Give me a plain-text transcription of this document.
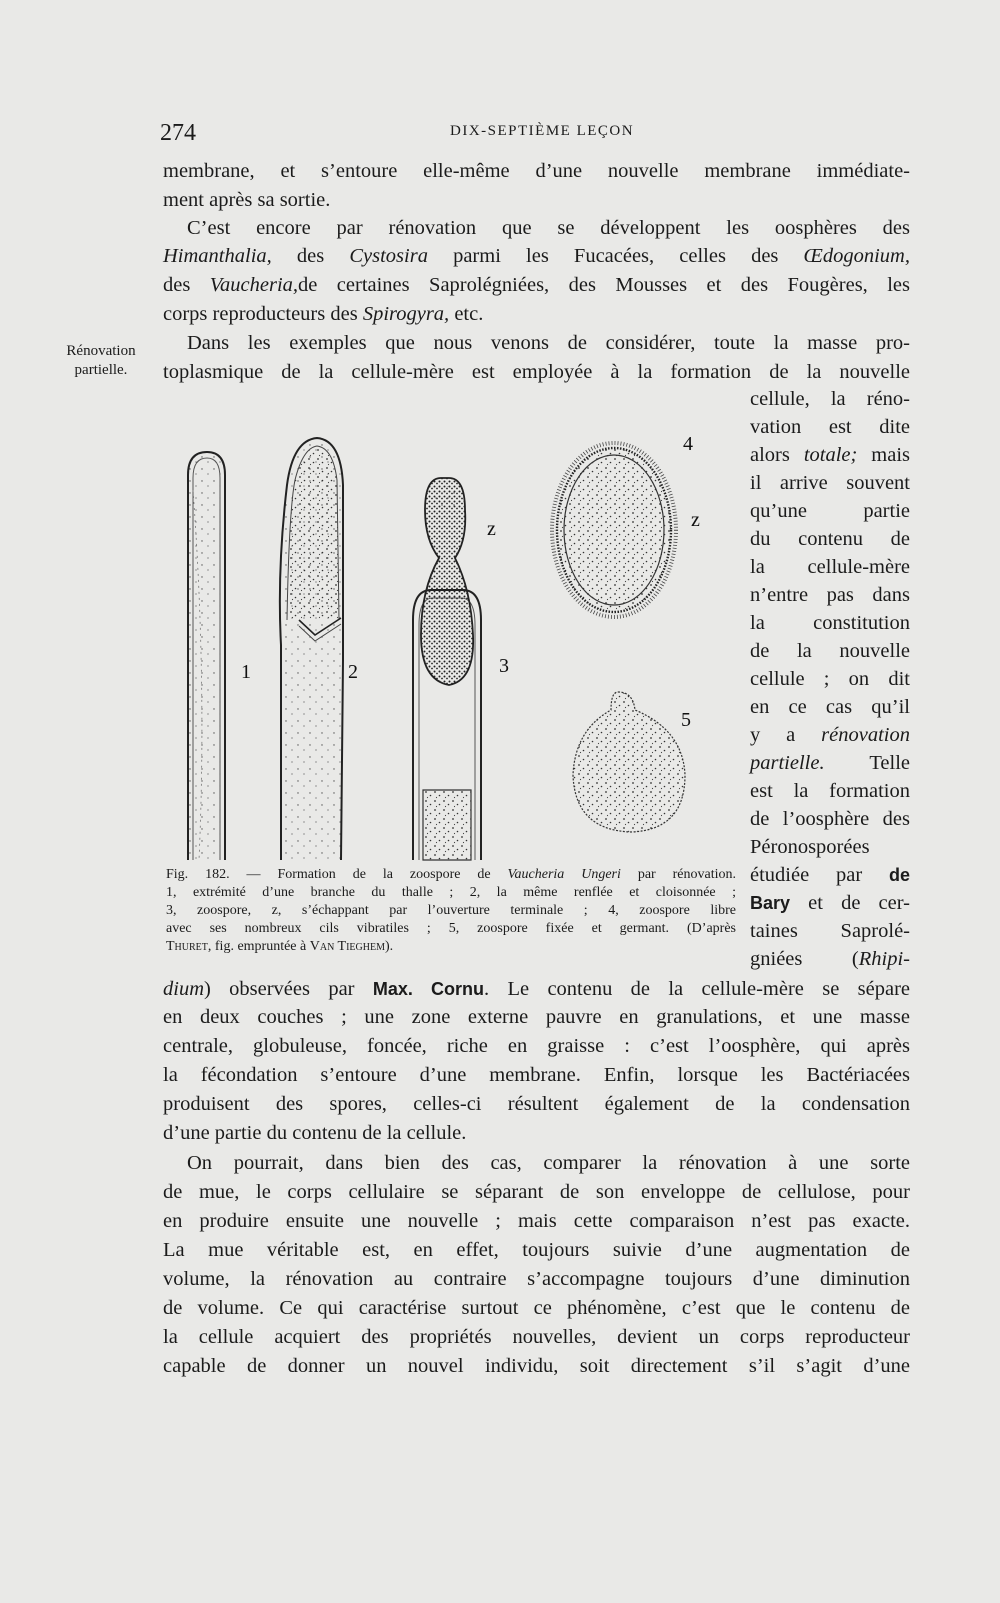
274	DIX-SEPTIÈME LEÇON
Rénovation
partielle.
membrane, et s’entoure elle-même d’une nouvelle membrane immédiate-
ment après sa sortie.
C’est encore par rénovation que se développent les oosphères des
Himanthalia, des Cystosira parmi les Fucacées, celles des Œdogonium,
des Vaucheria,de certaines Saprolégniées, des Mousses et des Fougères, les
corps reproducteurs des Spirogyra, etc.
Dans les exemples que nous venons de considérer, toute la masse pro-
toplasmique de la cellule-mère est employée à la formation de la nouvelle
cellule, la réno-
vation est dite
alors totale; mais
il arrive souvent
qu’une partie
du contenu de
la cellule-mère
n’entre pas dans
la constitution
de la nouvelle
cellule ; on dit
en ce cas qu’il
y a rénovation
partielle. Telle
est la formation
de l’oosphère des
Péronosporées
étudiée par de
Bary et de cer-
taines Saprolé-
gniées (Rhipi-
1	2	3
4
5
z	z
Fig. 182. — Formation de la zoospore de Vaucheria Ungeri par rénovation.
1, extrémité d’une branche du thalle ; 2, la même renflée et cloisonnée ;
3, zoospore, z, s’échappant par l’ouverture terminale ; 4, zoospore libre
avec ses nombreux cils vibratiles ; 5, zoospore fixée et germant. (D’après
Thuret, fig. empruntée à Van Tieghem).
dium) observées par Max. Cornu. Le contenu de la cellule-mère se sépare
en deux couches ; une zone externe pauvre en granulations, et une masse
centrale, globuleuse, foncée, riche en graisse : c’est l’oosphère, qui après
la fécondation s’entoure d’une membrane. Enfin, lorsque les Bactériacées
produisent des spores, celles-ci résultent également de la condensation
d’une partie du contenu de la cellule.
On pourrait, dans bien des cas, comparer la rénovation à une sorte
de mue, le corps cellulaire se séparant de son enveloppe de cellulose, pour
en produire ensuite une nouvelle ; mais cette comparaison n’est pas exacte.
La mue véritable est, en effet, toujours suivie d’une augmentation de
volume, la rénovation au contraire s’accompagne toujours d’une diminution
de volume. Ce qui caractérise surtout ce phénomène, c’est que le contenu de
la cellule acquiert des propriétés nouvelles, devient un corps reproducteur
capable de donner un nouvel individu, soit directement s’il s’agit d’une
